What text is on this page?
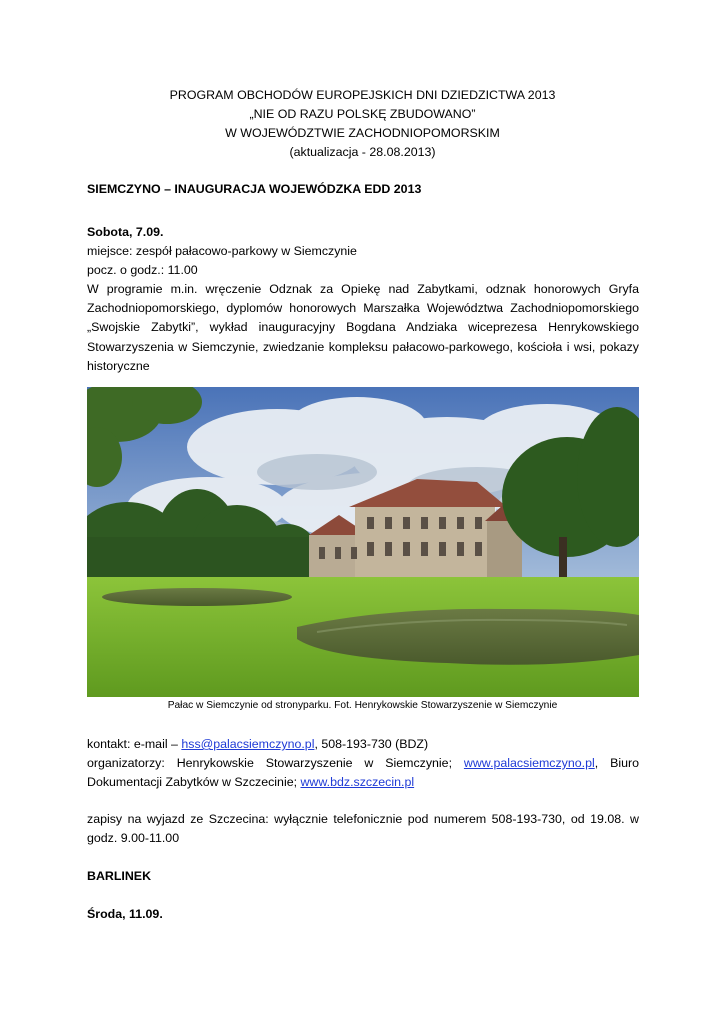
PROGRAM OBCHODÓW EUROPEJSKICH DNI DZIEDZICTWA 2013
„NIE OD RAZU POLSKĘ ZBUDOWANO”
W WOJEWÓDZTWIE ZACHODNIOPOMORSKIM
(aktualizacja - 28.08.2013)
SIEMCZYNO – INAUGURACJA WOJEWÓDZKA EDD 2013
Sobota, 7.09.
miejsce: zespół pałacowo-parkowy w Siemczynie
pocz. o godz.: 11.00
W programie m.in. wręczenie Odznak za Opiekę nad Zabytkami, odznak honorowych Gryfa Zachodniopomorskiego, dyplomów honorowych Marszałka Województwa Zachodniopomorskiego „Swojskie Zabytki”, wykład inauguracyjny Bogdana Andziaka wiceprezesa Henrykowskiego Stowarzyszenia w Siemczynie, zwiedzanie kompleksu pałacowo-parkowego, kościoła i wsi, pokazy historyczne
Pałac w Siemczynie od stronyparku. Fot. Henrykowskie Stowarzyszenie w Siemczynie
kontakt: e-mail – hss@palacsiemczyno.pl, 508-193-730 (BDZ)
organizatorzy: Henrykowskie Stowarzyszenie w Siemczynie; www.palacsiemczyno.pl, Biuro Dokumentacji Zabytków w Szczecinie; www.bdz.szczecin.pl
zapisy na wyjazd ze Szczecina: wyłącznie telefonicznie pod numerem 508-193-730, od 19.08. w godz. 9.00-11.00
BARLINEK
Środa, 11.09.
